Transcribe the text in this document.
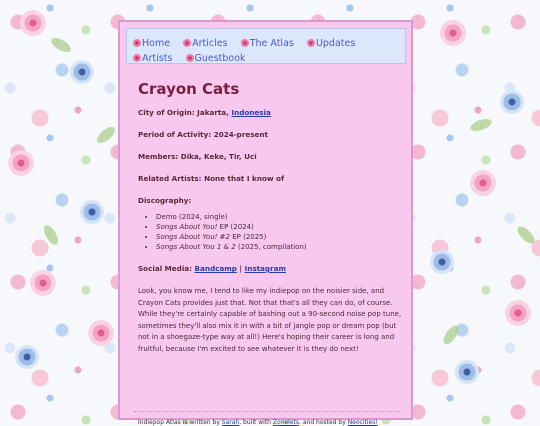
Home Articles The Atlas Updates
Artists Guestbook
Crayon Cats

City of Origin: Jakarta, Indonesia

Period of Activity: 2024-present

Members: Dika, Keke, Tir, Uci

Related Artists: None that I know of

Discography:

• Demo (2024, single)
• Songs About You! EP (2024)
• Songs About You! #2 EP (2025)
• Songs About You 1 & 2 (2025, compilation)

Social Media: Bandcamp | Instagram

Look, you know me, I tend to like my indiepop on the noisier side, and Crayon Cats provides just that. Not that that's all they can do, of course. While they're certainly capable of bashing out a 90-second noise pop tune, sometimes they'll also mix it in with a bit of jangle pop or dream pop (but not in a shoegaze-type way at all!) Here's hoping their career is long and fruitful, because I'm excited to see whatever it is they do next!

Indiepop Atlas is written by Sarah, built with Zonelets, and hosted by Neocities!
